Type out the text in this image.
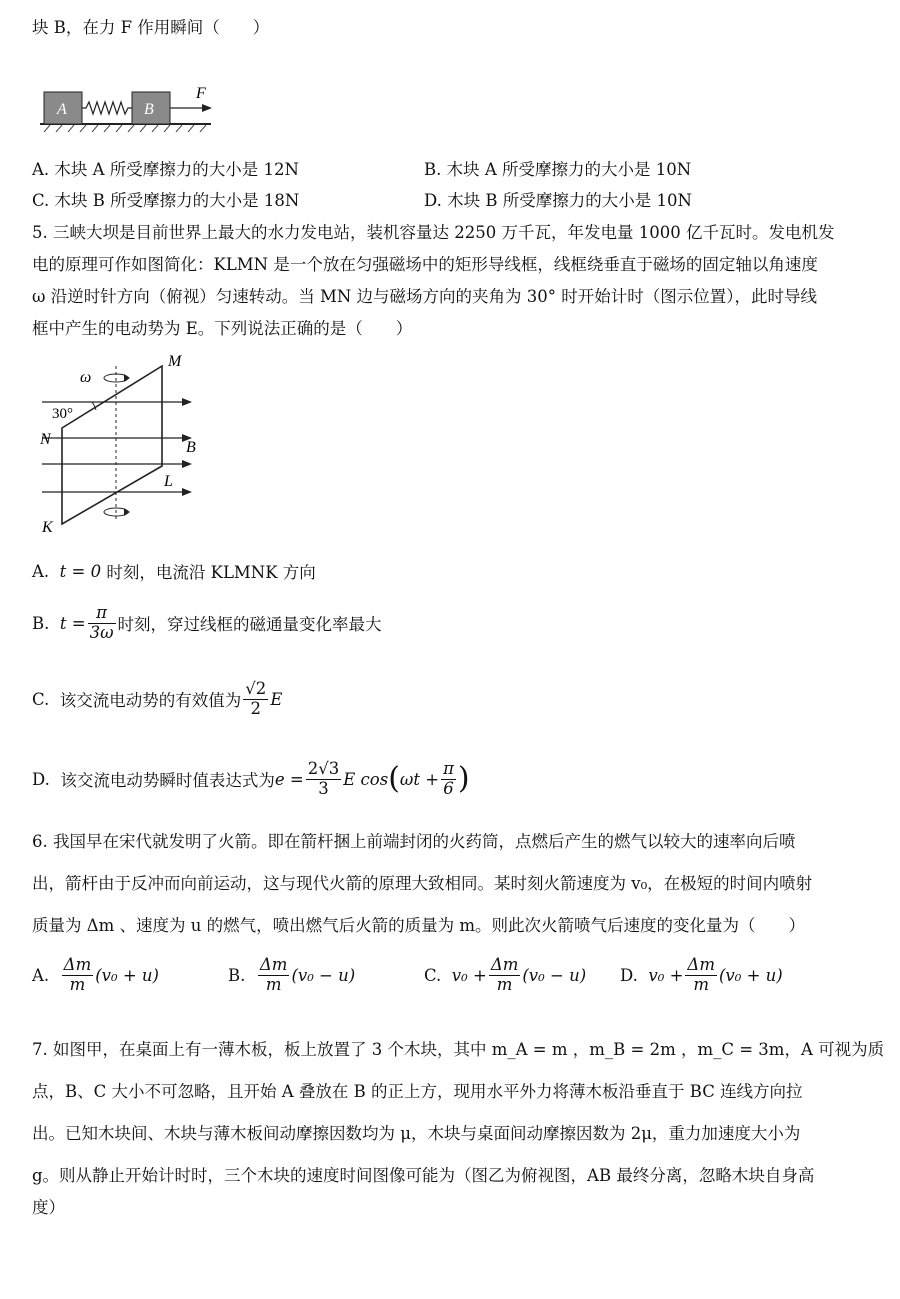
块 B，在力 F 作用瞬间（　　）
A	B
F
A. 木块 A 所受摩擦力的大小是 12N	B. 木块 A 所受摩擦力的大小是 10N
C. 木块 B 所受摩擦力的大小是 18N	D. 木块 B 所受摩擦力的大小是 10N
5. 三峡大坝是目前世界上最大的水力发电站，装机容量达 2250 万千瓦，年发电量 1000 亿千瓦时。发电机发
电的原理可作如图简化：KLMN 是一个放在匀强磁场中的矩形导线框，线框绕垂直于磁场的固定轴以角速度
ω 沿逆时针方向（俯视）匀速转动。当 MN 边与磁场方向的夹角为 30° 时开始计时（图示位置），此时导线
框中产生的电动势为 E。下列说法正确的是（　　）
ω
30°
M
N	B
L
K
A.
t = 0
时刻，电流沿 KLMNK 方向
B.
$t = \frac{\pi}{3\omega}$ 时刻，穿过线框的磁通量变化率最大
C.
该交流电动势的有效值为 $\frac{√2}{2}$ E
D.
该交流电动势瞬时值表达式为 $e = \frac{2√3}{3}$ E cos ( $\omega t + \frac{\pi}{6}$ )
6. 我国早在宋代就发明了火箭。即在箭杆捆上前端封闭的火药筒，点燃后产生的燃气以较大的速率向后喷
出，箭杆由于反冲而向前运动，这与现代火箭的原理大致相同。某时刻火箭速度为 v₀，在极短的时间内喷射
质量为 Δm 、速度为 u 的燃气，喷出燃气后火箭的质量为 m。则此次火箭喷气后速度的变化量为（　　）
A.
$\frac{\Delta m}{m} (v_0 + u)$	B.
$\frac{\Delta m}{m} (v_0 - u)$	C.
$v_0 + \frac{\Delta m}{m} (v_0 - u)$ D.
$v_0 + \frac{\Delta m}{m} (v_0 + u)$
7. 如图甲，在桌面上有一薄木板，板上放置了 3 个木块，其中 m_A = m ，m_B = 2m ，m_C = 3m，A 可视为质
点，B、C 大小不可忽略，且开始 A 叠放在 B 的正上方，现用水平外力将薄木板沿垂直于 BC 连线方向拉
出。已知木块间、木块与薄木板间动摩擦因数均为 μ，木块与桌面间动摩擦因数为 2μ，重力加速度大小为
g。则从静止开始计时时，三个木块的速度时间图像可能为（图乙为俯视图，AB 最终分离，忽略木块自身高
度）
